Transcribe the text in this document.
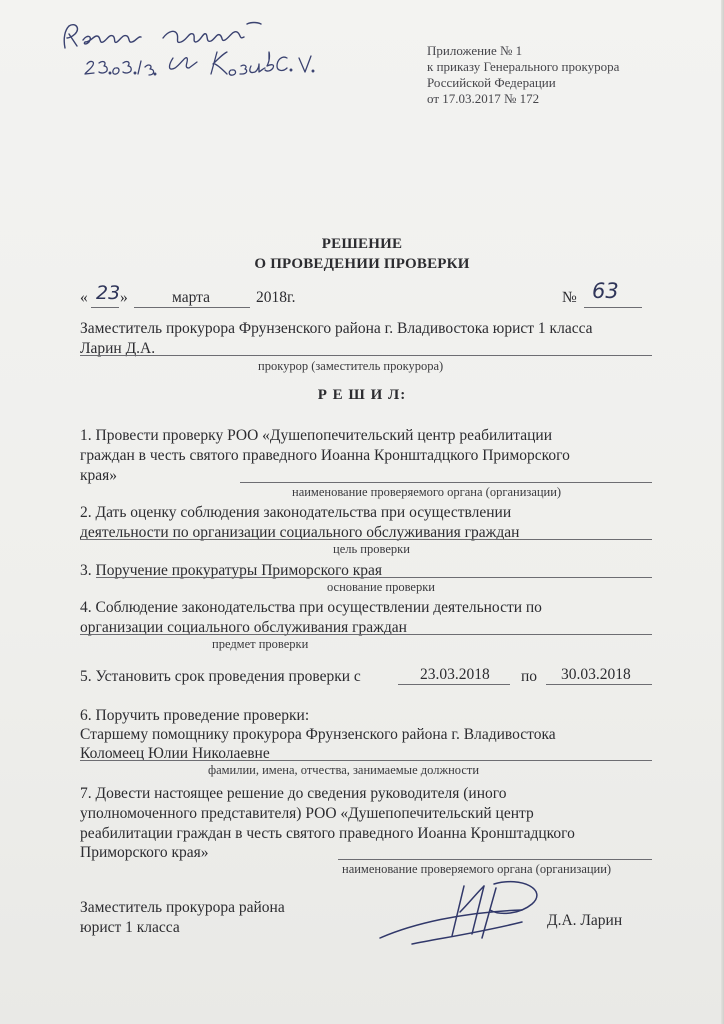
Приложение № 1
к приказу Генерального прокурора
Российской Федерации
от 17.03.2017 № 172
РЕШЕНИЕ
О ПРОВЕДЕНИИ ПРОВЕРКИ
« 23 »	марта	2018г.	№ 63
Заместитель прокурора Фрунзенского района г. Владивостока юрист 1 класса
Ларин Д.А.
прокурор (заместитель прокурора)
Р Е Ш И Л:
1. Провести проверку РОО «Душепопечительский центр реабилитации
граждан в честь святого праведного Иоанна Кронштадцкого Приморского
края»
наименование проверяемого органа (организации)
2. Дать оценку соблюдения законодательства при осуществлении
деятельности по организации социального обслуживания граждан
цель проверки
3. Поручение прокуратуры Приморского края
основание проверки
4. Соблюдение законодательства при осуществлении деятельности по
организации социального обслуживания граждан
предмет проверки
5. Установить срок проведения проверки с	23.03.2018 по 30.03.2018
6. Поручить проведение проверки:
Старшему помощнику прокурора Фрунзенского района г. Владивостока
Коломеец Юлии Николаевне
фамилии, имена, отчества, занимаемые должности
7. Довести настоящее решение до сведения руководителя (иного
уполномоченного представителя) РОО «Душепопечительский центр
реабилитации граждан в честь святого праведного Иоанна Кронштадцкого
Приморского края»
наименование проверяемого органа (организации)
Заместитель прокурора района
юрист 1 класса	Д.А. Ларин
